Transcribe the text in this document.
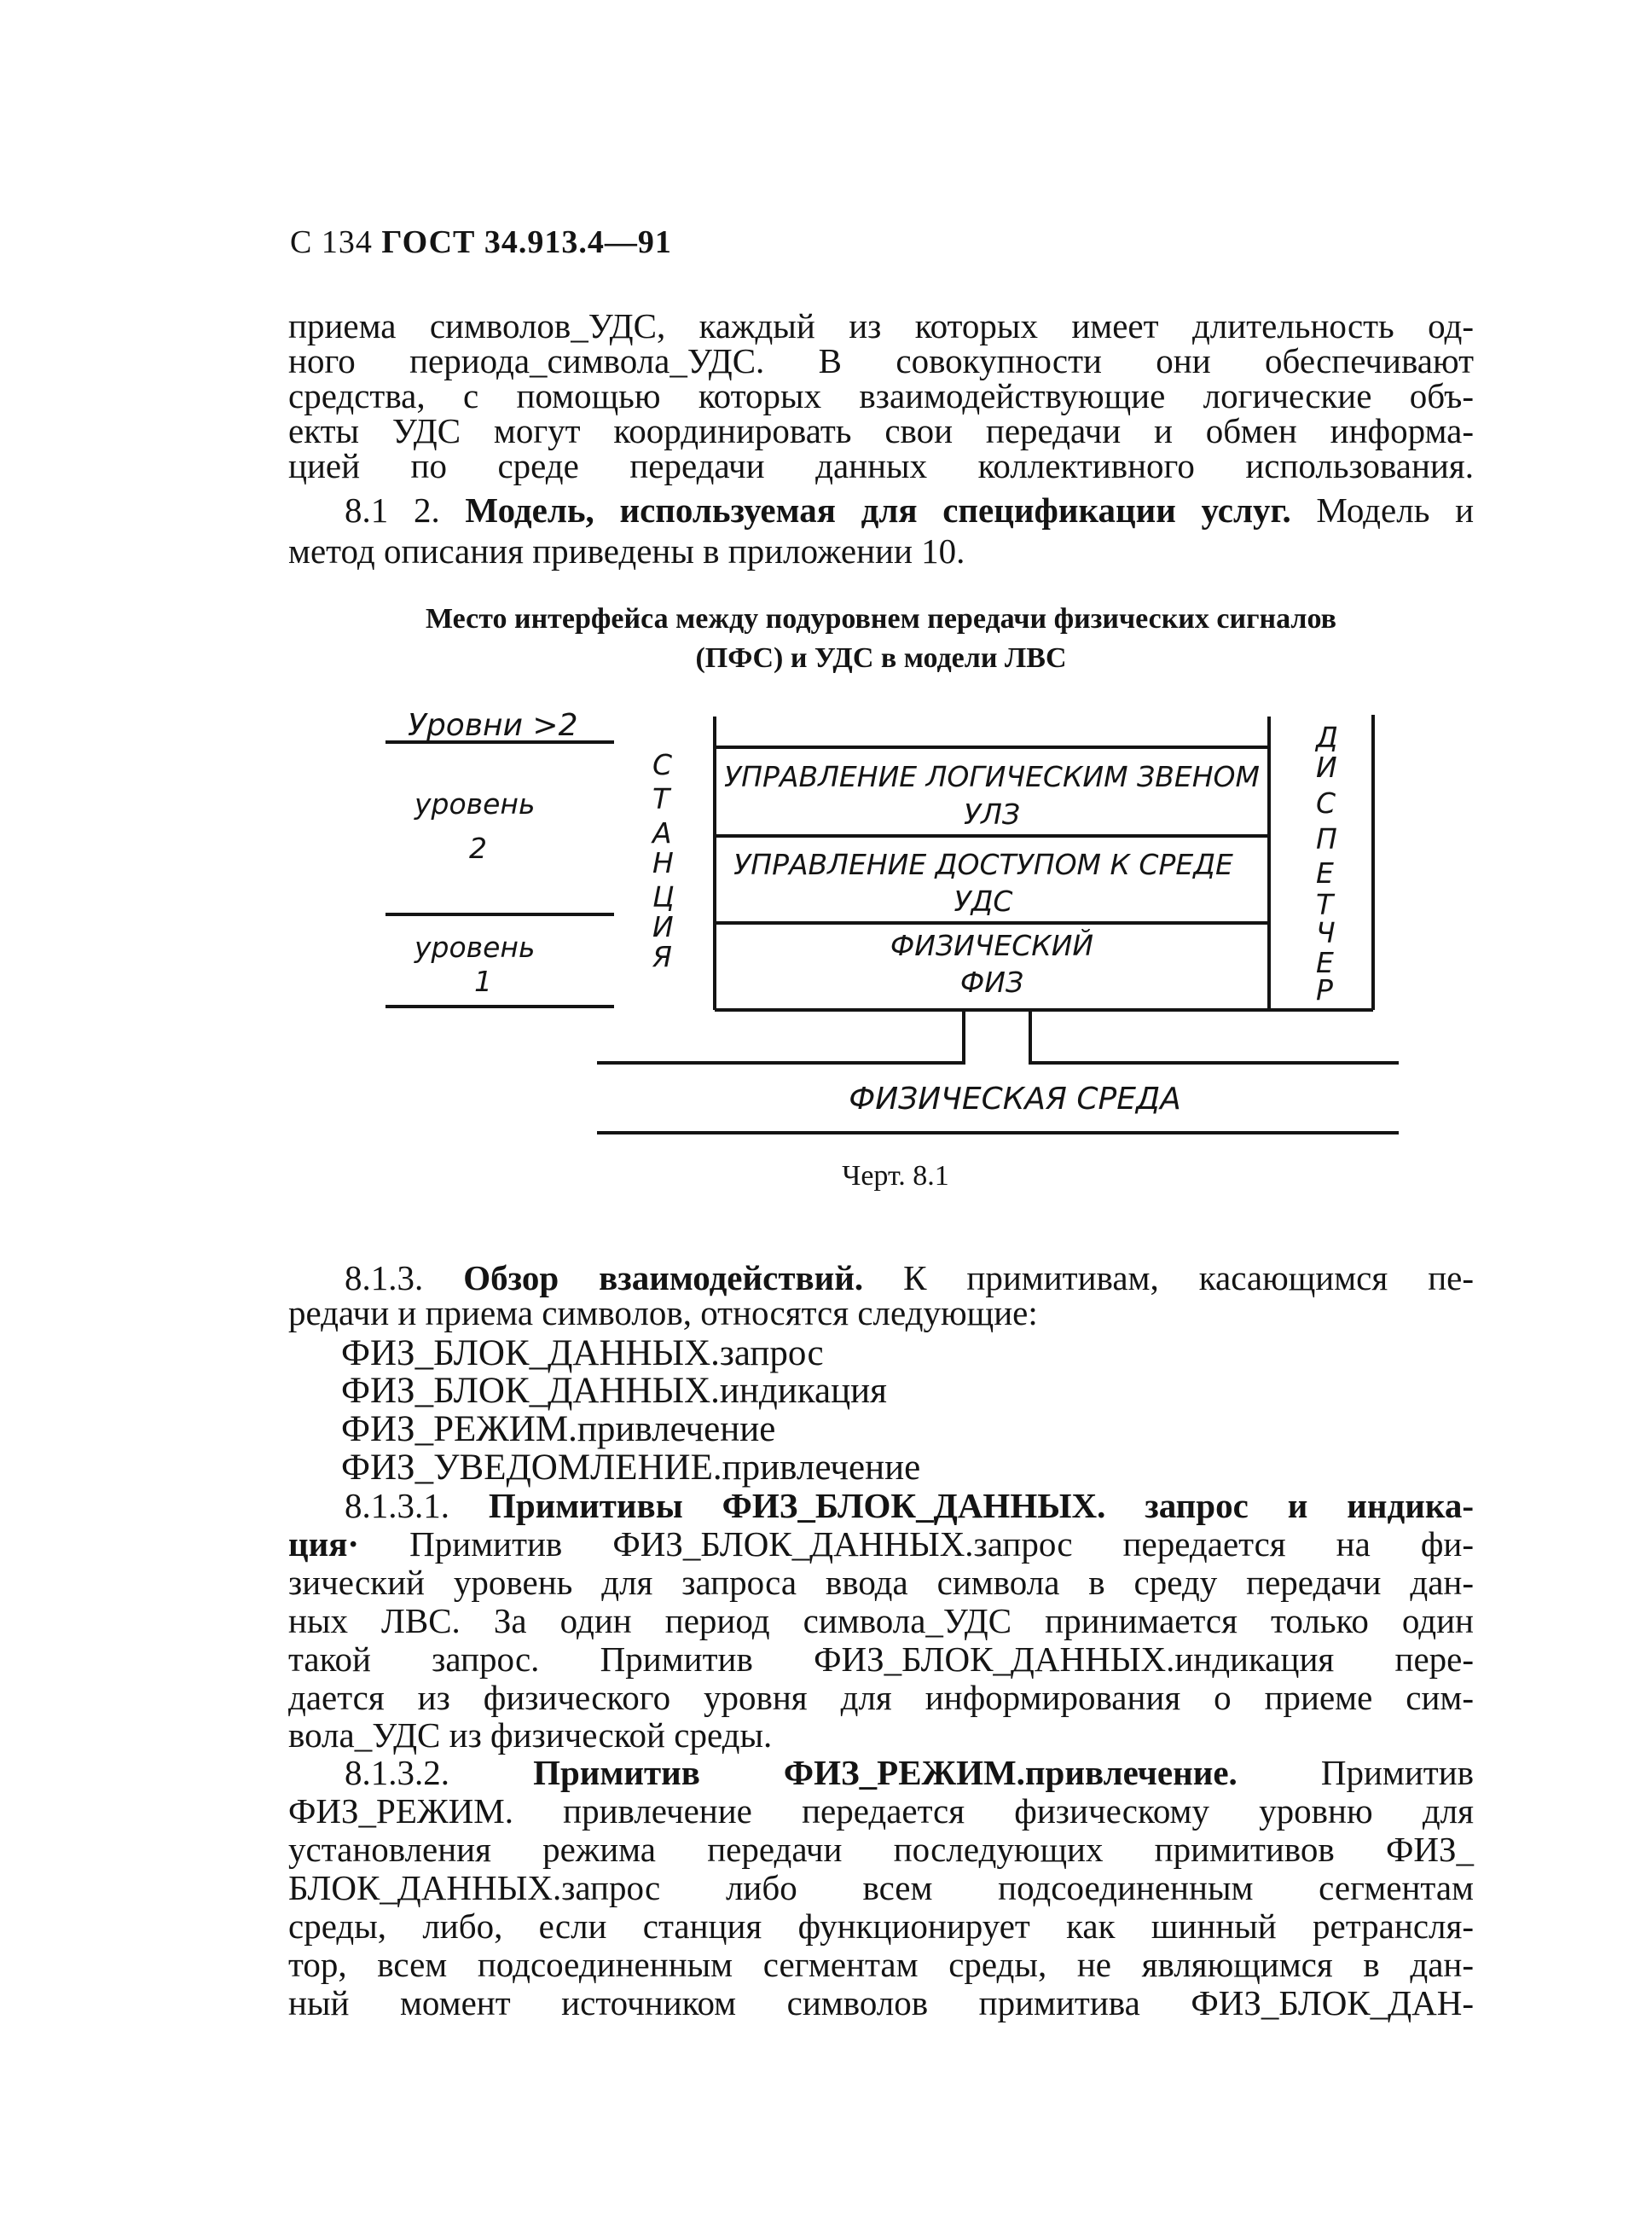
С 134 ГОСТ 34.913.4—91
приема символов_УДС, каждый из которых имеет длительность од-
ного периода_символа_УДС. В совокупности они обеспечивают
средства, с помощью которых взаимодействующие логические объ-
екты УДС могут координировать свои передачи и обмен информа-
цией по среде передачи данных коллективного использования.
8.1 2. Модель, используемая для спецификации услуг. Модель и
метод описания приведены в приложении 10.
Место интерфейса между подуровнем передачи физических сигналов
(ПФС) и УДС в модели ЛВС
Уровни >2
уровень
2
уровень
1
С
Т
А
Н
Ц
И
Я
Д
И
С
П
Е
Т
Ч
Е
Р
УПРАВЛЕНИЕ ЛОГИЧЕСКИМ ЗВЕНОМ
УЛЗ
УПРАВЛЕНИЕ ДОСТУПОМ К СРЕДЕ
УДС
ФИЗИЧЕСКИЙ
ФИЗ
ФИЗИЧЕСКАЯ СРЕДА
Черт. 8.1
8.1.3. Обзор взаимодействий. К примитивам, касающимся пе-
редачи и приема символов, относятся следующие:
ФИЗ_БЛОК_ДАННЫХ.запрос
ФИЗ_БЛОК_ДАННЫХ.индикация
ФИЗ_РЕЖИМ.привлечение
ФИЗ_УВЕДОМЛЕНИЕ.привлечение
8.1.3.1. Примитивы ФИЗ_БЛОК_ДАННЫХ. запрос и индика-
ция· Примитив ФИЗ_БЛОК_ДАННЫХ.запрос передается на фи-
зический уровень для запроса ввода символа в среду передачи дан-
ных ЛВС. За один период символа_УДС принимается только один
такой запрос. Примитив ФИЗ_БЛОК_ДАННЫХ.индикация пере-
дается из физического уровня для информирования о приеме сим-
вола_УДС из физической среды.
8.1.3.2. Примитив ФИЗ_РЕЖИМ.привлечение. Примитив
ФИЗ_РЕЖИМ. привлечение передается физическому уровню для
установления режима передачи последующих примитивов ФИЗ_
БЛОК_ДАННЫХ.запрос либо всем подсоединенным сегментам
среды, либо, если станция функционирует как шинный ретрансля-
тор, всем подсоединенным сегментам среды, не являющимся в дан-
ный момент источником символов примитива ФИЗ_БЛОК_ДАН-
